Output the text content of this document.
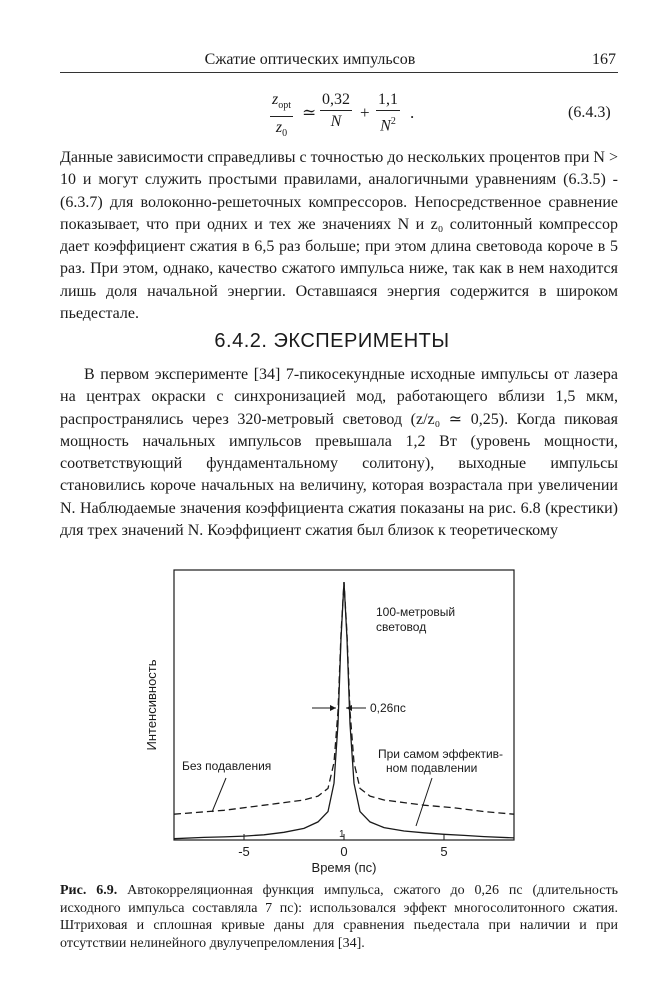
Сжатие оптических импульсов	167
$z_{opt}$
$z_0$
≃ $\frac{0,32}{N} + \frac{1,1}{N^2}$ .	(6.4.3)

Данные зависимости справедливы с точностью до нескольких процентов при N > 10 и могут служить простыми правилами, аналогичными уравнениям (6.3.5) - (6.3.7) для волоконно-решеточных компрессоров. Непосредственное сравнение показывает, что при одних и тех же значениях N и z₀ солитонный компрессор дает коэффициент сжатия в 6,5 раз больше; при этом длина световода короче в 5 раз. При этом, однако, качество сжатого импульса ниже, так как в нем находится лишь доля начальной энергии. Оставшаяся энергия содержится в широком пьедестале.

6.4.2. ЭКСПЕРИМЕНТЫ

В первом эксперименте [34] 7-пикосекундные исходные импульсы от лазера на центрах окраски с синхронизацией мод, работающего вблизи 1,5 мкм, распространялись через 320-метровый световод (z/z₀ ≃ 0,25). Когда пиковая мощность начальных импульсов превышала 1,2 Вт (уровень мощности, соответствующий фундаментальному солитону), выходные импульсы становились короче начальных на величину, которая возрастала при увеличении N. Наблюдаемые значения коэффициента сжатия показаны на рис. 6.8 (крестики) для трех значений N. Коэффициент сжатия был близок к теоретическому

-5	0	5
100-метровый
световод
0,26пс
Без подавления
При самом эффектив-
ном подавлении
1
Интенсивность
Время (пс)
Рис. 6.9. Автокорреляционная функция импульса, сжатого до 0,26 пс (длительность исходного импульса составляла 7 пс): использовался эффект многосолитонного сжатия. Штриховая и сплошная кривые даны для сравнения пьедестала при наличии и при отсутствии нелинейного двулучепреломления [34].
